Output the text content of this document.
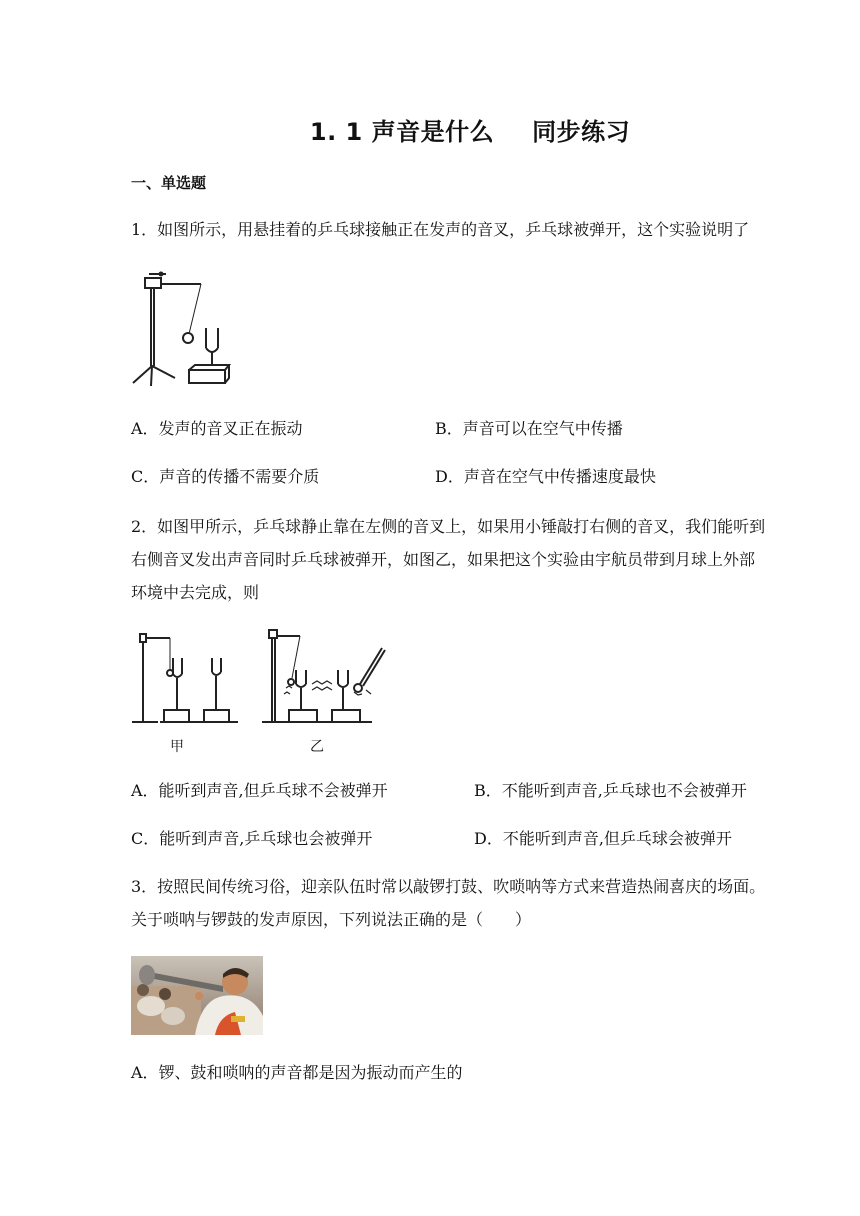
1. 1 声音是什么 同步练习
一、单选题
1．如图所示，用悬挂着的乒乓球接触正在发声的音叉，乒乓球被弹开，这个实验说明了
A．发声的音叉正在振动	B．声音可以在空气中传播
C．声音的传播不需要介质	D．声音在空气中传播速度最快
2．如图甲所示，乒乓球静止靠在左侧的音叉上，如果用小锤敲打右侧的音叉，我们能听到
右侧音叉发出声音同时乒乓球被弹开，如图乙，如果把这个实验由宇航员带到月球上外部
环境中去完成，则
甲	乙
A．能听到声音,但乒乓球不会被弹开	B．不能听到声音,乒乓球也不会被弹开
C．能听到声音,乒乓球也会被弹开	D．不能听到声音,但乒乓球会被弹开
3．按照民间传统习俗，迎亲队伍时常以敲锣打鼓、吹唢呐等方式来营造热闹喜庆的场面。
关于唢呐与锣鼓的发声原因，下列说法正确的是（　　）
A．锣、鼓和唢呐的声音都是因为振动而产生的
